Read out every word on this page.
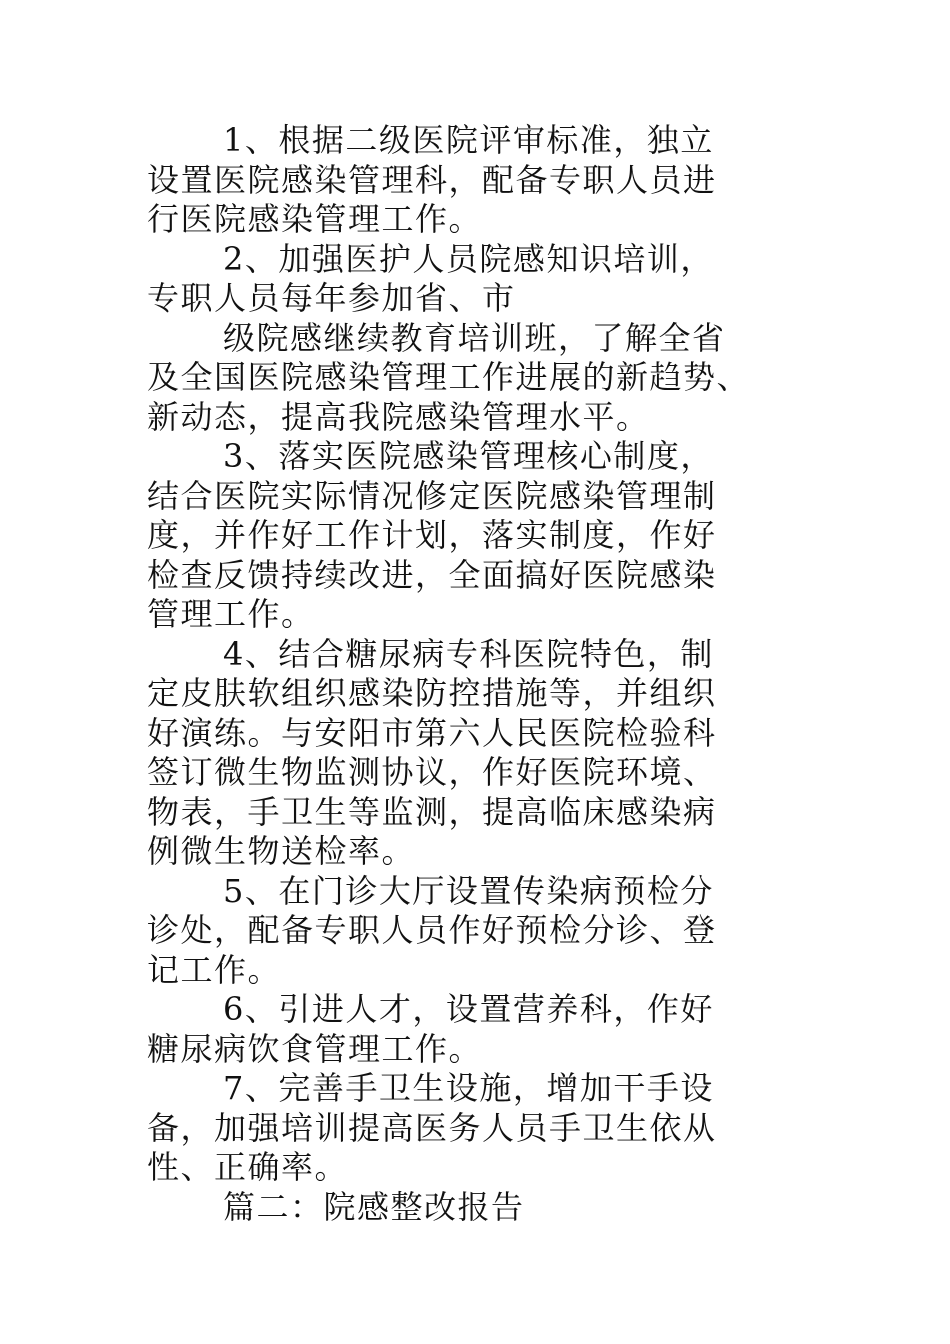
1、根据二级医院评审标准，独立
设置医院感染管理科，配备专职人员进
行医院感染管理工作。
2、加强医护人员院感知识培训，
专职人员每年参加省、市
级院感继续教育培训班，了解全省
及全国医院感染管理工作进展的新趋势、
新动态，提高我院感染管理水平。
3、落实医院感染管理核心制度，
结合医院实际情况修定医院感染管理制
度，并作好工作计划，落实制度，作好
检查反馈持续改进，全面搞好医院感染
管理工作。
4、结合糖尿病专科医院特色，制
定皮肤软组织感染防控措施等，并组织
好演练。与安阳市第六人民医院检验科
签订微生物监测协议，作好医院环境、
物表，手卫生等监测，提高临床感染病
例微生物送检率。
5、在门诊大厅设置传染病预检分
诊处，配备专职人员作好预检分诊、登
记工作。
6、引进人才，设置营养科，作好
糖尿病饮食管理工作。
7、完善手卫生设施，增加干手设
备，加强培训提高医务人员手卫生依从
性、正确率。
篇二：院感整改报告
